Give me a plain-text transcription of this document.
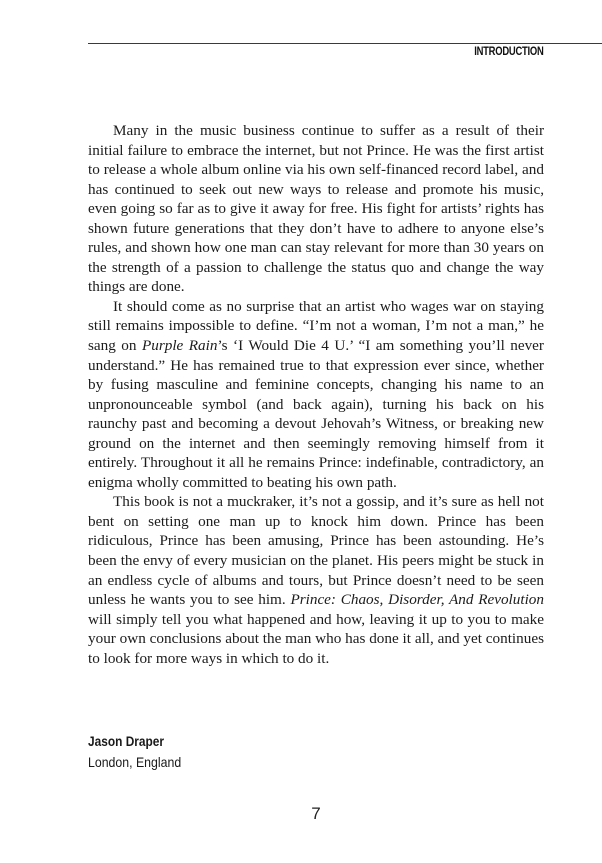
INTRODUCTION

Many in the music business continue to suffer as a result of their initial failure to embrace the internet, but not Prince. He was the first artist to release a whole album online via his own self-financed record label, and has continued to seek out new ways to release and promote his music, even going so far as to give it away for free. His fight for artists’ rights has shown future generations that they don’t have to adhere to anyone else’s rules, and shown how one man can stay relevant for more than 30 years on the strength of a passion to challenge the status quo and change the way things are done.

It should come as no surprise that an artist who wages war on staying still remains impossible to define. “I’m not a woman, I’m not a man,” he sang on Purple Rain’s ‘I Would Die 4 U.’ “I am something you’ll never understand.” He has remained true to that expression ever since, whether by fusing masculine and feminine concepts, changing his name to an unpronounceable symbol (and back again), turning his back on his raunchy past and becoming a devout Jehovah’s Witness, or breaking new ground on the internet and then seemingly removing himself from it entirely. Throughout it all he remains Prince: indefinable, contradictory, an enigma wholly committed to beating his own path.

This book is not a muckraker, it’s not a gossip, and it’s sure as hell not bent on setting one man up to knock him down. Prince has been ridiculous, Prince has been amusing, Prince has been astounding. He’s been the envy of every musician on the planet. His peers might be stuck in an endless cycle of albums and tours, but Prince doesn’t need to be seen unless he wants you to see him. Prince: Chaos, Disorder, And Revolution will simply tell you what happened and how, leaving it up to you to make your own conclusions about the man who has done it all, and yet continues to look for more ways in which to do it.

Jason Draper
London, England
7
